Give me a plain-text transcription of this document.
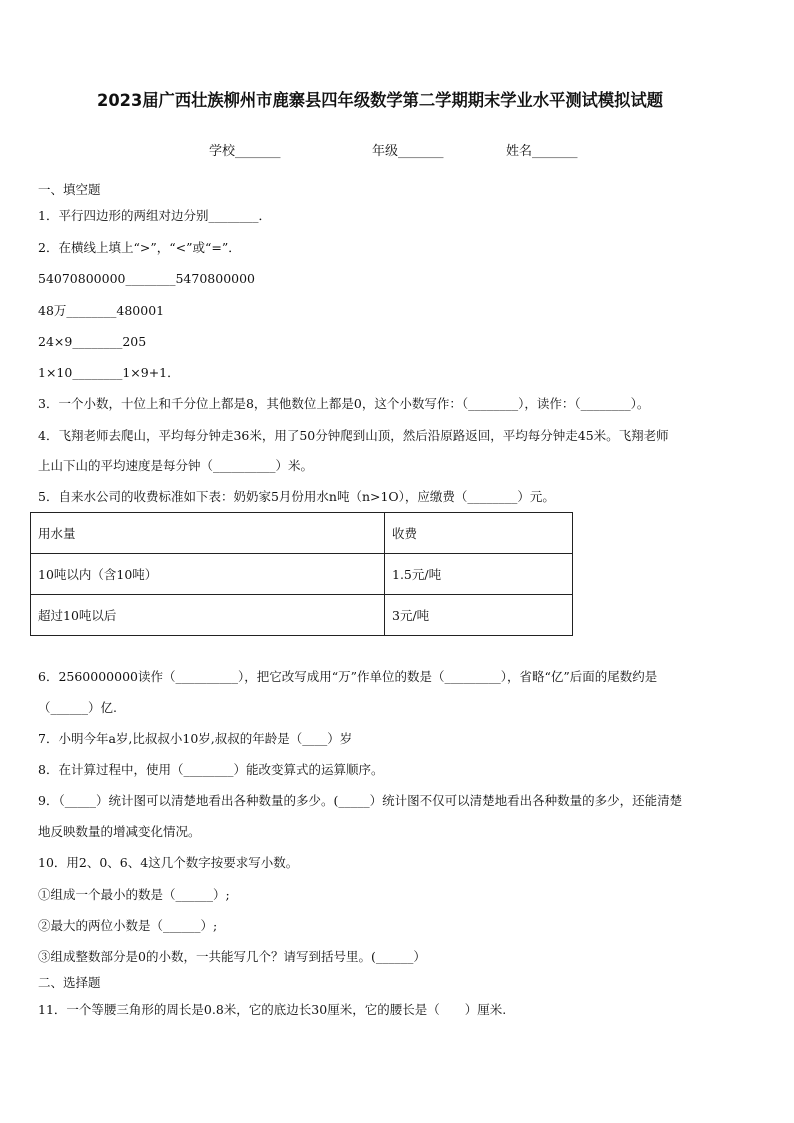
2023届广西壮族柳州市鹿寨县四年级数学第二学期期末学业水平测试模拟试题
学校_______	年级_______	姓名_______
一、填空题
1．平行四边形的两组对边分别________．
2．在横线上填上“>”，“<”或“=”．
54070800000________5470800000
48万________480001
24×9________205
1×10________1×9+1．
3．一个小数，十位上和千分位上都是8，其他数位上都是0，这个小数写作：（________），读作：（________）。
4．飞翔老师去爬山，平均每分钟走36米，用了50分钟爬到山顶，然后沿原路返回，平均每分钟走45米。飞翔老师
上山下山的平均速度是每分钟（__________）米。
5．自来水公司的收费标准如下表：奶奶家5月份用水n吨（n>1O），应缴费（________）元。
用水量	收费
10吨以内（含10吨）	1.5元/吨
超过10吨以后	3元/吨
6．2560000000读作（__________），把它改写成用“万”作单位的数是（_________），省略“亿”后面的尾数约是
（______）亿.
7．小明今年a岁,比叔叔小10岁,叔叔的年龄是（____）岁
8．在计算过程中，使用（________）能改变算式的运算顺序。
9．（_____）统计图可以清楚地看出各种数量的多少。(_____）统计图不仅可以清楚地看出各种数量的多少，还能清楚
地反映数量的增减变化情况。
10．用2、0、6、4这几个数字按要求写小数。
①组成一个最小的数是（______）;
②最大的两位小数是（______）;
③组成整数部分是0的小数，一共能写几个？请写到括号里。(______）
二、选择题
11．一个等腰三角形的周长是0.8米，它的底边长30厘米，它的腰长是（　　）厘米.
